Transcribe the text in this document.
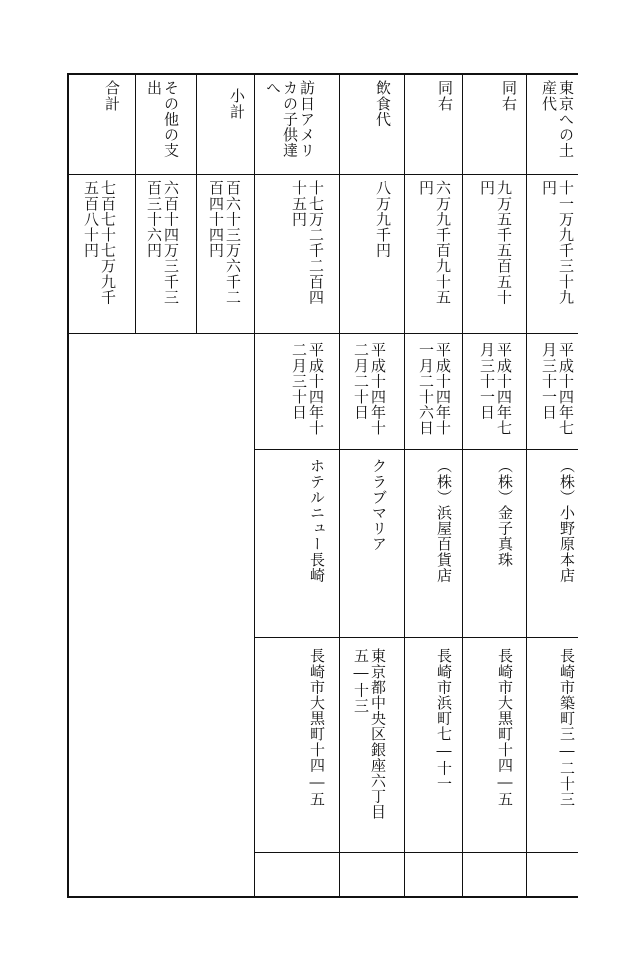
東京への土
産代
十一万九千三十九
円
平成十四年七
月三十一日
（株）小野原本店
長崎市築町三―二十三
同右
九万五千五百五十
円
平成十四年七
月三十一日
（株）金子真珠
長崎市大黒町十四―五
同右
六万九千百九十五
円
平成十四年十
一月二十六日
（株）浜屋百貨店
長崎市浜町七―十一
飲食代
八万九千円
平成十四年十
二月二十日
クラブマリア
東京都中央区銀座六丁目
五―十三
訪日アメリ
カの子供達
へ
十七万二千二百四
十五円
平成十四年十
二月三十日
ホテルニュー長崎
長崎市大黒町十四―五
小計
百六十三万六千二
百四十四円
その他の支
出
六百十四万三千三
百三十六円
合計
七百七十七万九千
五百八十円
